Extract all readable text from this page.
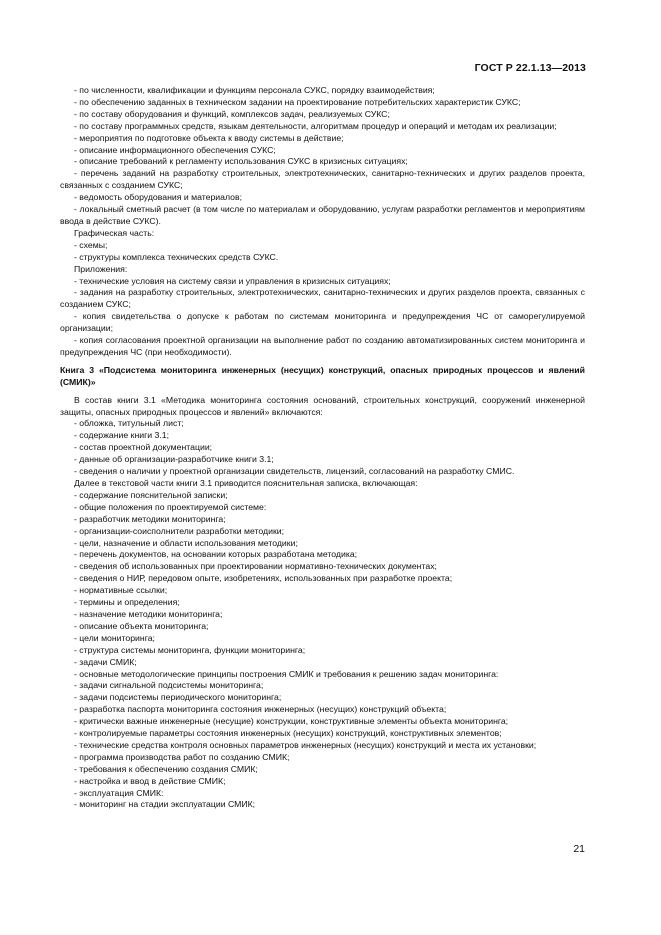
ГОСТ Р 22.1.13—2013

- по численности, квалификации и функциям персонала СУКС, порядку взаимодействия;

- по обеспечению заданных в техническом задании на проектирование потребительских характеристик СУКС;

- по составу оборудования и функций, комплексов задач, реализуемых СУКС;

- по составу программных средств, языкам деятельности, алгоритмам процедур и операций и методам их реализации;

- мероприятия по подготовке объекта к вводу системы в действие;

- описание информационного обеспечения СУКС;

- описание требований к регламенту использования СУКС в кризисных ситуациях;

- перечень заданий на разработку строительных, электротехнических, санитарно-технических и других разделов проекта, связанных с созданием СУКС;

- ведомость оборудования и материалов;

- локальный сметный расчет (в том числе по материалам и оборудованию, услугам разработки регламентов и мероприятиям ввода в действие СУКС).

Графическая часть:

- схемы;

- структуры комплекса технических средств СУКС.

Приложения:

- технические условия на систему связи и управления в кризисных ситуациях;

- задания на разработку строительных, электротехнических, санитарно-технических и других разделов проекта, связанных с созданием СУКС;

- копия свидетельства о допуске к работам по системам мониторинга и предупреждения ЧС от саморегулируемой организации;

- копия согласования проектной организации на выполнение работ по созданию автоматизированных систем мониторинга и предупреждения ЧС (при необходимости).

Книга 3 «Подсистема мониторинга инженерных (несущих) конструкций, опасных природных процессов и явлений (СМИК)»

В состав книги 3.1 «Методика мониторинга состояния оснований, строительных конструкций, сооружений инженерной защиты, опасных природных процессов и явлений» включаются:

- обложка, титульный лист;

- содержание книги 3.1;

- состав проектной документации;

- данные об организации-разработчике книги 3.1;

- сведения о наличии у проектной организации свидетельств, лицензий, согласований на разработку СМИС.

Далее в текстовой части книги 3.1 приводится пояснительная записка, включающая:

- содержание пояснительной записки;

- общие положения по проектируемой системе:

- разработчик методики мониторинга;

- организации-соисполнители разработки методики;

- цели, назначение и области использования методики;

- перечень документов, на основании которых разработана методика;

- сведения об использованных при проектировании нормативно-технических документах;

- сведения о НИР, передовом опыте, изобретениях, использованных при разработке проекта;

- нормативные ссылки;

- термины и определения;

- назначение методики мониторинга;

- описание объекта мониторинга;

- цели мониторинга;

- структура системы мониторинга, функции мониторинга;

- задачи СМИК;

- основные методологические принципы построения СМИК и требования к решению задач мониторинга:

- задачи сигнальной подсистемы мониторинга;

- задачи подсистемы периодического мониторинга;

- разработка паспорта мониторинга состояния инженерных (несущих) конструкций объекта;

- критически важные инженерные (несущие) конструкции, конструктивные элементы объекта мониторинга;

- контролируемые параметры состояния инженерных (несущих) конструкций, конструктивных элементов;

- технические средства контроля основных параметров инженерных (несущих) конструкций и места их установки;

- программа производства работ по созданию СМИК;

- требования к обеспечению создания СМИК;

- настройка и ввод в действие СМИК;

- эксплуатация СМИК:

- мониторинг на стадии эксплуатации СМИК;

21
